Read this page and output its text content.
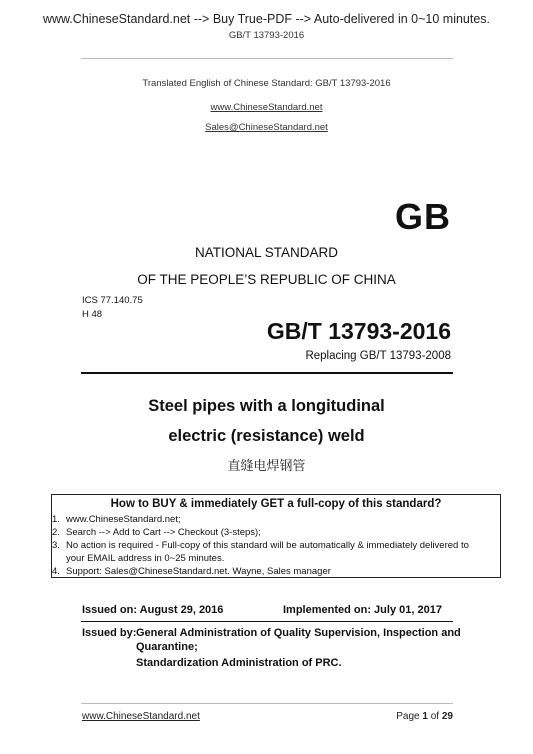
www.ChineseStandard.net --> Buy True-PDF --> Auto-delivered in 0~10 minutes.
GB/T 13793-2016
Translated English of Chinese Standard: GB/T 13793-2016
www.ChineseStandard.net
Sales@ChineseStandard.net
GB
NATIONAL STANDARD
OF THE PEOPLE’S REPUBLIC OF CHINA
ICS 77.140.75
H 48
GB/T 13793-2016
Replacing GB/T 13793-2008
Steel pipes with a longitudinal
electric (resistance) weld
直缝电焊钢管
How to BUY & immediately GET a full-copy of this standard?
1. www.ChineseStandard.net;
2. Search --> Add to Cart --> Checkout (3-steps);
3. No action is required - Full-copy of this standard will be automatically & immediately delivered to
your EMAIL address in 0~25 minutes.
4. Support: Sales@ChineseStandard.net. Wayne, Sales manager
Issued on: August 29, 2016	Implemented on: July 01, 2017
Issued by: General Administration of Quality Supervision, Inspection and
Quarantine;
Standardization Administration of PRC.
www.ChineseStandard.net	Page 1 of 29
